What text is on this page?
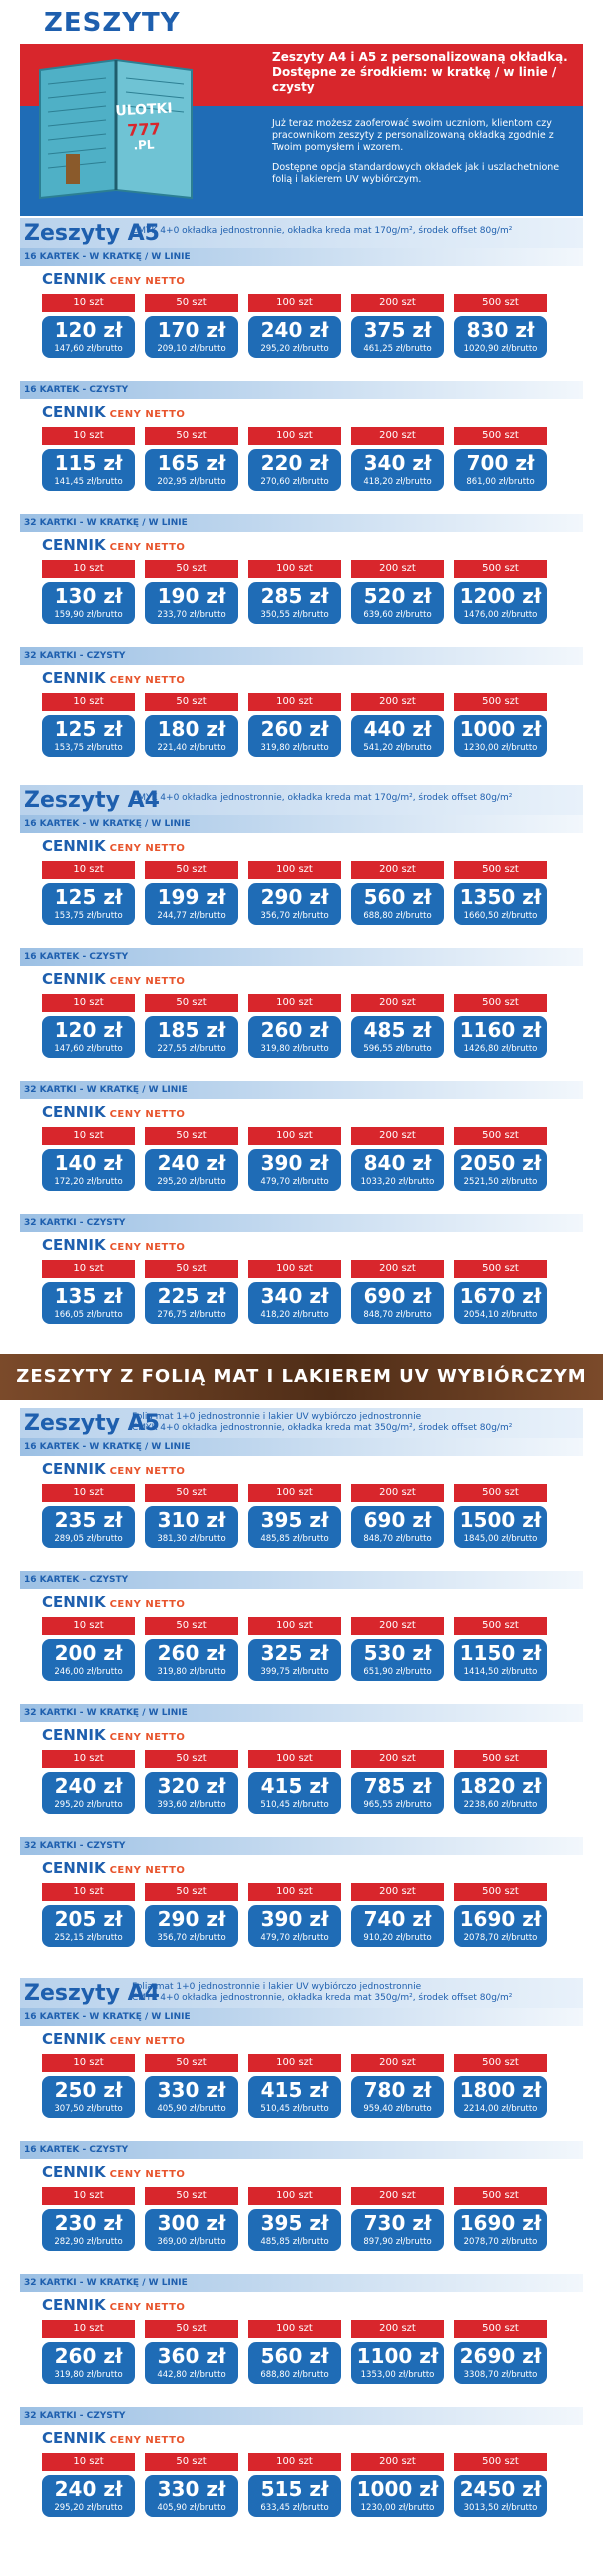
ZESZYTY
ULOTKI
777
.PL
Zeszyty A4 i A5 z personalizowaną okładką.
Dostępne ze środkiem: w kratkę / w linie / czysty

Już teraz możesz zaoferować swoim uczniom, klientom czy pracownikom zeszyty z personalizowaną okładką zgodnie z Twoim pomysłem i wzorem.

Dostępne opcja standardowych okładek jak i uszlachetnione folią i lakierem UV wybiórczym.

Zeszyty A5
CMYK 4+0 okładka jednostronnie, okładka kreda mat 170g/m², środek offset 80g/m²
16 KARTEK - W KRATKĘ / W LINIE
CENNIK CENY NETTO
10 szt
120 zł
147,60 zł/brutto
50 szt
170 zł
209,10 zł/brutto
100 szt
240 zł
295,20 zł/brutto
200 szt
375 zł
461,25 zł/brutto
500 szt
830 zł
1020,90 zł/brutto
16 KARTEK - CZYSTY
CENNIK CENY NETTO
10 szt
115 zł
141,45 zł/brutto
50 szt
165 zł
202,95 zł/brutto
100 szt
220 zł
270,60 zł/brutto
200 szt
340 zł
418,20 zł/brutto
500 szt
700 zł
861,00 zł/brutto
32 KARTKI - W KRATKĘ / W LINIE
CENNIK CENY NETTO
10 szt
130 zł
159,90 zł/brutto
50 szt
190 zł
233,70 zł/brutto
100 szt
285 zł
350,55 zł/brutto
200 szt
520 zł
639,60 zł/brutto
500 szt
1200 zł
1476,00 zł/brutto
32 KARTKI - CZYSTY
CENNIK CENY NETTO
10 szt
125 zł
153,75 zł/brutto
50 szt
180 zł
221,40 zł/brutto
100 szt
260 zł
319,80 zł/brutto
200 szt
440 zł
541,20 zł/brutto
500 szt
1000 zł
1230,00 zł/brutto
Zeszyty A4
CMYK 4+0 okładka jednostronnie, okładka kreda mat 170g/m², środek offset 80g/m²
16 KARTEK - W KRATKĘ / W LINIE
CENNIK CENY NETTO
10 szt
125 zł
153,75 zł/brutto
50 szt
199 zł
244,77 zł/brutto
100 szt
290 zł
356,70 zł/brutto
200 szt
560 zł
688,80 zł/brutto
500 szt
1350 zł
1660,50 zł/brutto
16 KARTEK - CZYSTY
CENNIK CENY NETTO
10 szt
120 zł
147,60 zł/brutto
50 szt
185 zł
227,55 zł/brutto
100 szt
260 zł
319,80 zł/brutto
200 szt
485 zł
596,55 zł/brutto
500 szt
1160 zł
1426,80 zł/brutto
32 KARTKI - W KRATKĘ / W LINIE
CENNIK CENY NETTO
10 szt
140 zł
172,20 zł/brutto
50 szt
240 zł
295,20 zł/brutto
100 szt
390 zł
479,70 zł/brutto
200 szt
840 zł
1033,20 zł/brutto
500 szt
2050 zł
2521,50 zł/brutto
32 KARTKI - CZYSTY
CENNIK CENY NETTO
10 szt
135 zł
166,05 zł/brutto
50 szt
225 zł
276,75 zł/brutto
100 szt
340 zł
418,20 zł/brutto
200 szt
690 zł
848,70 zł/brutto
500 szt
1670 zł
2054,10 zł/brutto
ZESZYTY Z FOLIĄ MAT I LAKIEREM UV WYBIÓRCZYM
Zeszyty A5
Folia mat 1+0 jednostronnie i lakier UV wybiórczo jednostronnie
CMYK 4+0 okładka jednostronnie, okładka kreda mat 350g/m², środek offset 80g/m²
16 KARTEK - W KRATKĘ / W LINIE
CENNIK CENY NETTO
10 szt
235 zł
289,05 zł/brutto
50 szt
310 zł
381,30 zł/brutto
100 szt
395 zł
485,85 zł/brutto
200 szt
690 zł
848,70 zł/brutto
500 szt
1500 zł
1845,00 zł/brutto
16 KARTEK - CZYSTY
CENNIK CENY NETTO
10 szt
200 zł
246,00 zł/brutto
50 szt
260 zł
319,80 zł/brutto
100 szt
325 zł
399,75 zł/brutto
200 szt
530 zł
651,90 zł/brutto
500 szt
1150 zł
1414,50 zł/brutto
32 KARTKI - W KRATKĘ / W LINIE
CENNIK CENY NETTO
10 szt
240 zł
295,20 zł/brutto
50 szt
320 zł
393,60 zł/brutto
100 szt
415 zł
510,45 zł/brutto
200 szt
785 zł
965,55 zł/brutto
500 szt
1820 zł
2238,60 zł/brutto
32 KARTKI - CZYSTY
CENNIK CENY NETTO
10 szt
205 zł
252,15 zł/brutto
50 szt
290 zł
356,70 zł/brutto
100 szt
390 zł
479,70 zł/brutto
200 szt
740 zł
910,20 zł/brutto
500 szt
1690 zł
2078,70 zł/brutto
Zeszyty A4
Folia mat 1+0 jednostronnie i lakier UV wybiórczo jednostronnie
CMYK 4+0 okładka jednostronnie, okładka kreda mat 350g/m², środek offset 80g/m²
16 KARTEK - W KRATKĘ / W LINIE
CENNIK CENY NETTO
10 szt
250 zł
307,50 zł/brutto
50 szt
330 zł
405,90 zł/brutto
100 szt
415 zł
510,45 zł/brutto
200 szt
780 zł
959,40 zł/brutto
500 szt
1800 zł
2214,00 zł/brutto
16 KARTEK - CZYSTY
CENNIK CENY NETTO
10 szt
230 zł
282,90 zł/brutto
50 szt
300 zł
369,00 zł/brutto
100 szt
395 zł
485,85 zł/brutto
200 szt
730 zł
897,90 zł/brutto
500 szt
1690 zł
2078,70 zł/brutto
32 KARTKI - W KRATKĘ / W LINIE
CENNIK CENY NETTO
10 szt
260 zł
319,80 zł/brutto
50 szt
360 zł
442,80 zł/brutto
100 szt
560 zł
688,80 zł/brutto
200 szt
1100 zł
1353,00 zł/brutto
500 szt
2690 zł
3308,70 zł/brutto
32 KARTKI - CZYSTY
CENNIK CENY NETTO
10 szt
240 zł
295,20 zł/brutto
50 szt
330 zł
405,90 zł/brutto
100 szt
515 zł
633,45 zł/brutto
200 szt
1000 zł
1230,00 zł/brutto
500 szt
2450 zł
3013,50 zł/brutto
